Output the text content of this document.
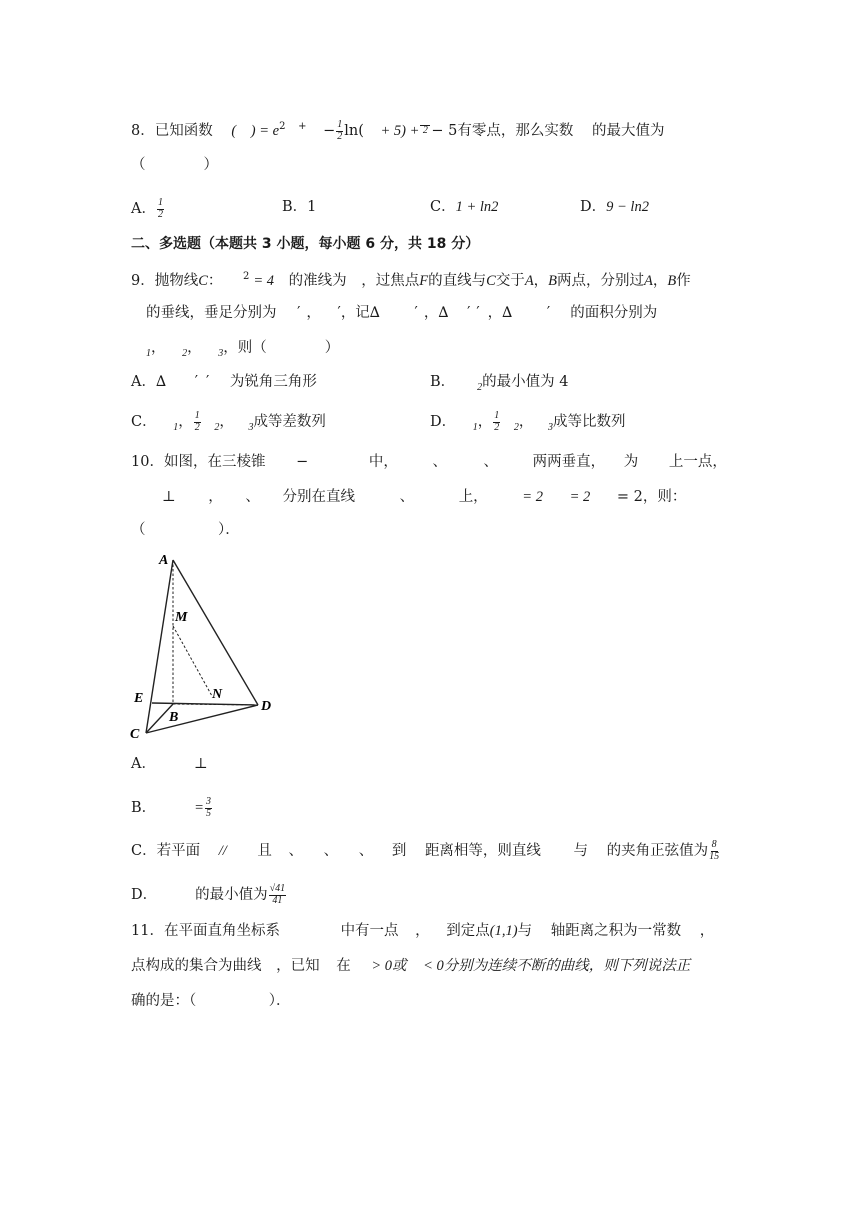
8．已知函数 ( ) = $e^2$ $^+ - \frac{1}{2} \ln( + 5) + 2 - 5$有零点，那么实数 的最大值为
（　　　　）
A． $\frac{1}{2}$	B．1	C．1 + ln2	D．9 − ln2
二、多选题（本题共 3 小题，每小题 6 分，共 18 分）
9．抛物线C： $^2$ = 4 的准线为 ，过焦点F的直线与C交于A，B两点，分别过A，B作
的垂线，垂足分别为 ′ ， ′，记∆ ′ ，∆ ′ ′ ，∆ ′ 的面积分别为
$_1$， $_2$， $_3$，则（　　　　）
A．∆ ′ ′ 为锐角三角形	B． $_2$的最小值为 4
C． $_1$， $\frac{1}{2} _2$， $_3$成等差数列	D． $_1$， $\frac{1}{2} _2$， $_3$成等比数列
10．如图，在三棱锥 −	中， 、	、 两两垂直， 为 上一点，
⊥ ， 、 分别在直线	、	上， = 2 = 2 = 2，则：
（　　　　　）．
A
M
E	N
B
D
C
A．	⊥
B．	= $\frac{3}{5}$
C．若平面 // 且 、 、 、 到 距离相等，则直线 与 的夹角正弦值为 $\frac{8}{15}$
D．	的最小值为 $\frac{√41}{41}$
11．在平面直角坐标系	中有一点 ， 到定点(1,1)与 轴距离之积为一常数 ，
点构成的集合为曲线 ，已知 在 > 0或 < 0分别为连续不断的曲线，则下列说法正
确的是：（　　　　　）．
